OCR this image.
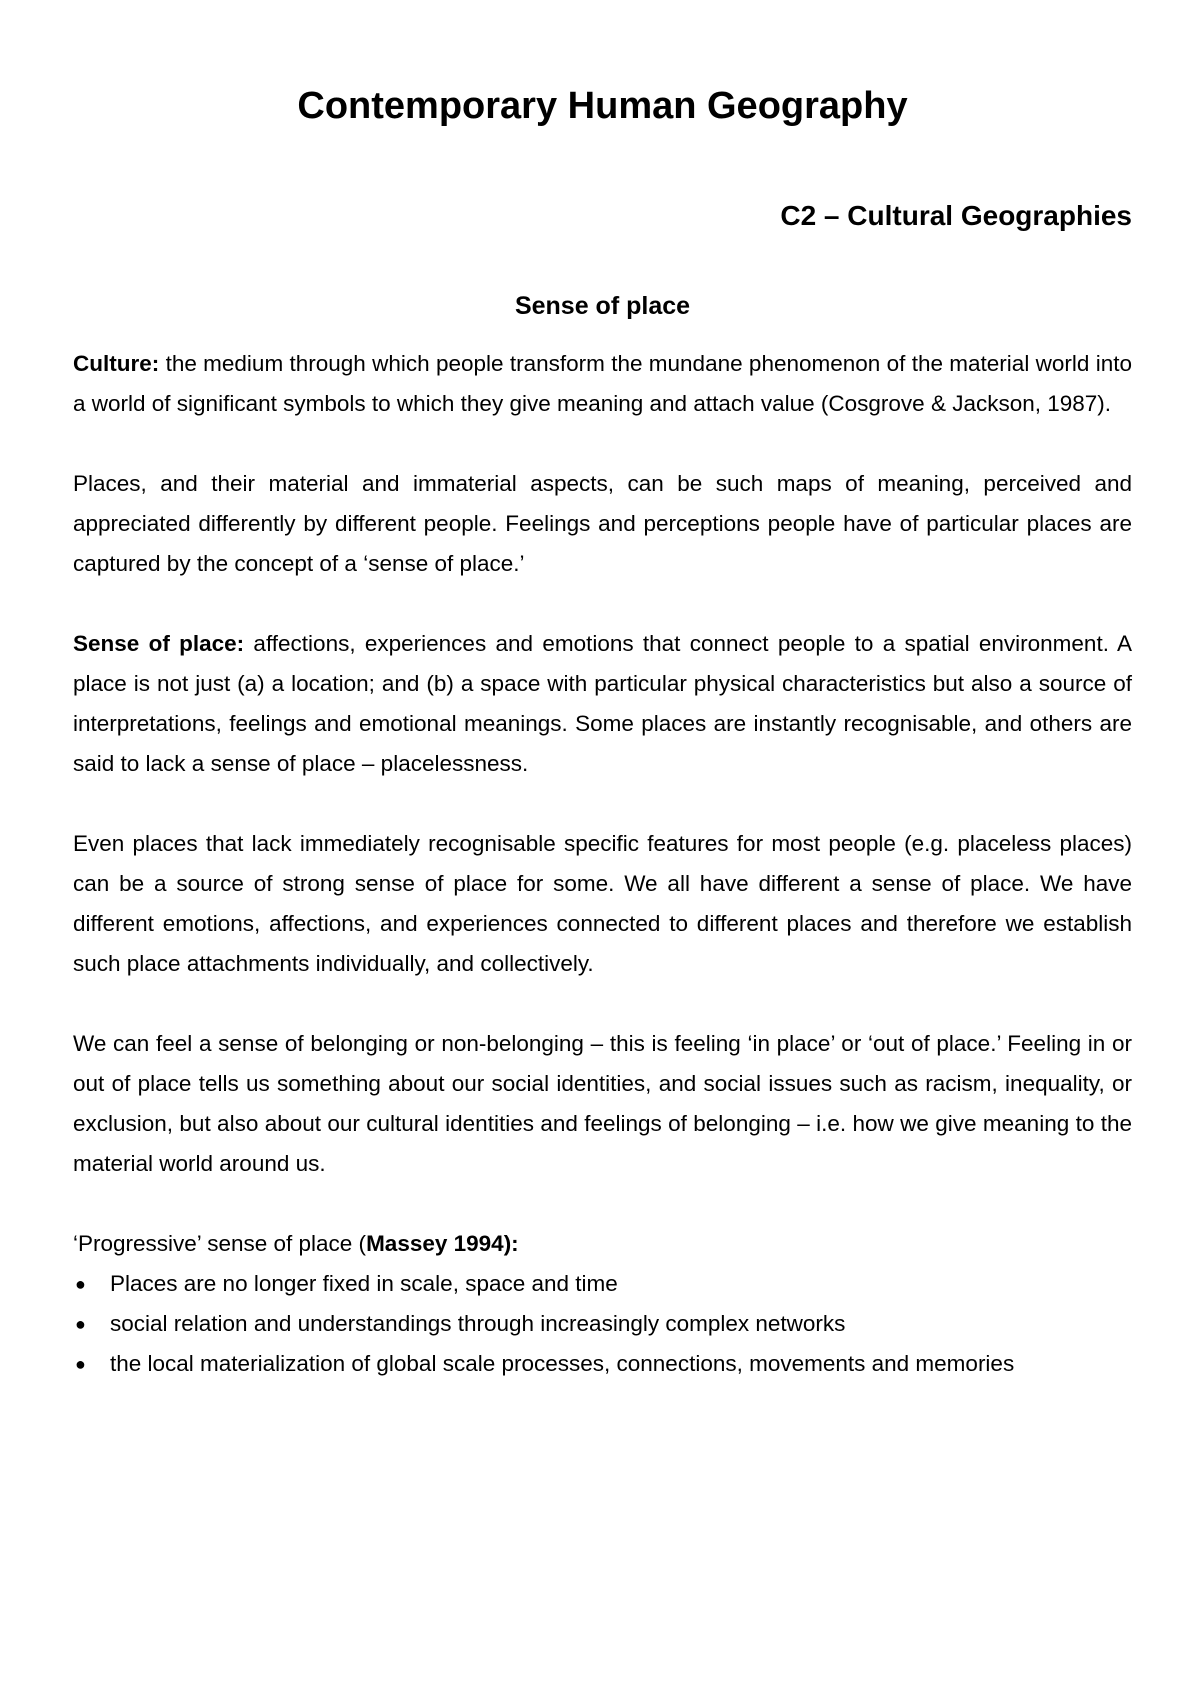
Contemporary Human Geography
C2 – Cultural Geographies
Sense of place

Culture: the medium through which people transform the mundane phenomenon of the material world into a world of significant symbols to which they give meaning and attach value (Cosgrove & Jackson, 1987).

Places, and their material and immaterial aspects, can be such maps of meaning, perceived and appreciated differently by different people. Feelings and perceptions people have of particular places are captured by the concept of a ‘sense of place.’

Sense of place: affections, experiences and emotions that connect people to a spatial environment. A place is not just (a) a location; and (b) a space with particular physical characteristics but also a source of interpretations, feelings and emotional meanings. Some places are instantly recognisable, and others are said to lack a sense of place – placelessness.

Even places that lack immediately recognisable specific features for most people (e.g. placeless places) can be a source of strong sense of place for some. We all have different a sense of place. We have different emotions, affections, and experiences connected to different places and therefore we establish such place attachments individually, and collectively.

We can feel a sense of belonging or non-belonging – this is feeling ‘in place’ or ‘out of place.’ Feeling in or out of place tells us something about our social identities, and social issues such as racism, inequality, or exclusion, but also about our cultural identities and feelings of belonging – i.e. how we give meaning to the material world around us.

‘Progressive’ sense of place (Massey 1994):

● Places are no longer fixed in scale, space and time
● social relation and understandings through increasingly complex networks
● the local materialization of global scale processes, connections, movements and memories
